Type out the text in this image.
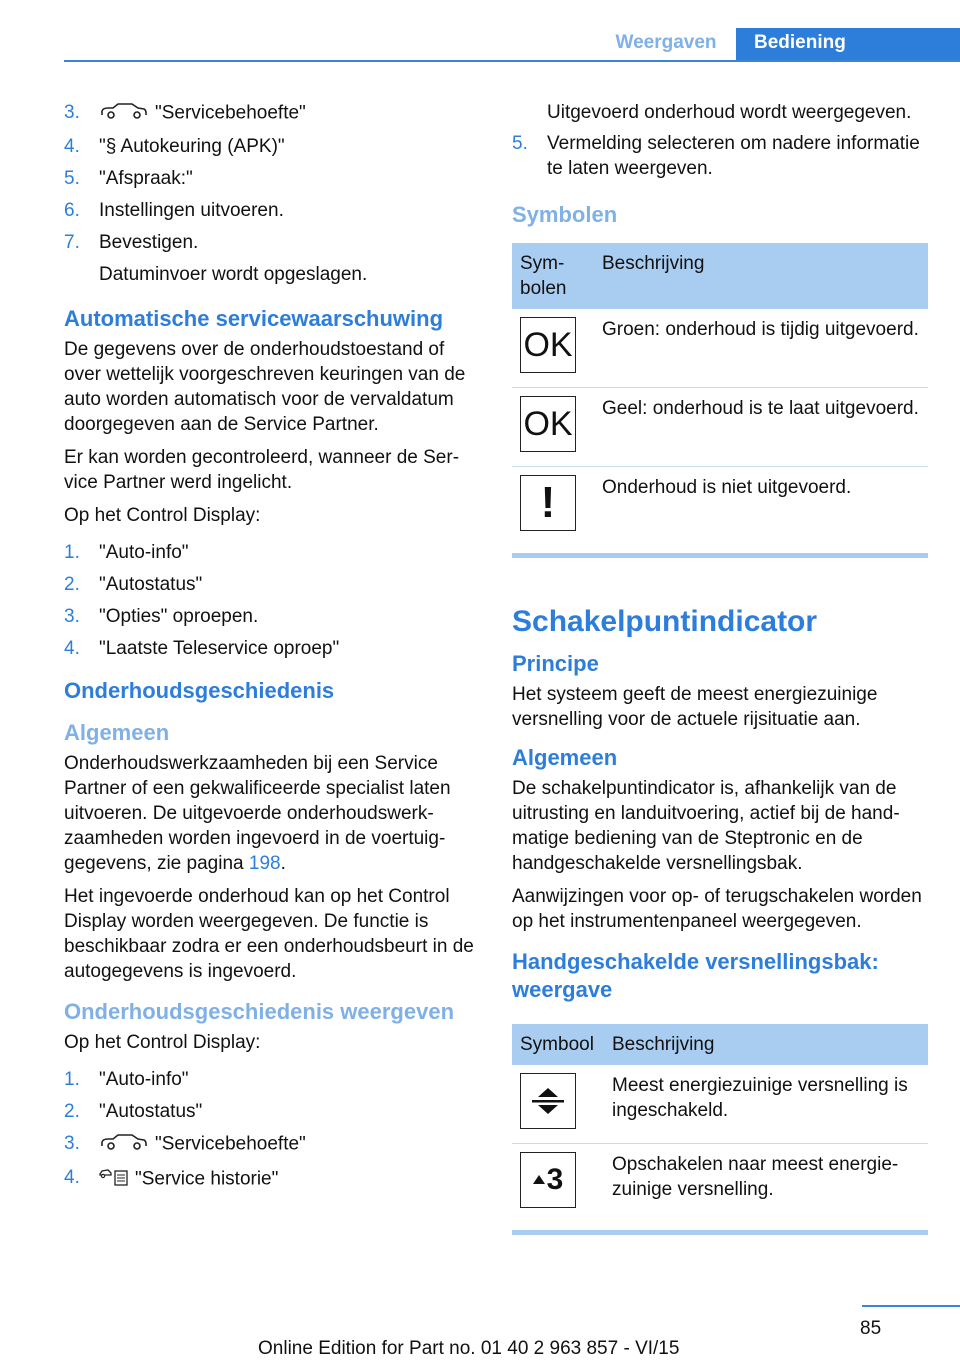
Weergaven	Bediening
3.	"Servicebehoefte"
4. "§ Autokeuring (APK)"
5. "Afspraak:"
6. Instellingen uitvoeren.
7. Bevestigen.
Datuminvoer wordt opgeslagen.
Automatische servicewaarschuwing

De gegevens over de onderhoudstoestand of over wettelijk voorgeschreven keuringen van de auto worden automatisch voor de vervaldatum doorgegeven aan de Service Partner.

Er kan worden gecontroleerd, wanneer de Service Partner werd ingelicht.

Op het Control Display:

1. "Auto-info"
2. "Autostatus"
3. "Opties" oproepen.
4. "Laatste Teleservice oproep"
Onderhoudsgeschiedenis
Algemeen

Onderhoudswerkzaamheden bij een Service Partner of een gekwalificeerde specialist laten uitvoeren. De uitgevoerde onderhoudswerkzaamheden worden ingevoerd in de voertuiggegevens, zie pagina 198.

Het ingevoerde onderhoud kan op het Control Display worden weergegeven. De functie is beschikbaar zodra er een onderhoudsbeurt in de autogegevens is ingevoerd.

Onderhoudsgeschiedenis weergeven

Op het Control Display:

1. "Auto-info"
2. "Autostatus"
3.	"Servicebehoefte"
4.	"Service historie"
Uitgevoerd onderhoud wordt weergegeven.
5. Vermelding selecteren om nadere informatie te laten weergeven.
Symbolen
Symbolen	Beschrijving

OK	Groen: onderhoud is tijdig uitgevoerd.

OK	Geel: onderhoud is te laat uitgevoerd.

!	Onderhoud is niet uitgevoerd.
Schakelpuntindicator
Principe

Het systeem geeft de meest energiezuinige versnelling voor de actuele rijsituatie aan.

Algemeen

De schakelpuntindicator is, afhankelijk van de uitrusting en landuitvoering, actief bij de handmatige bediening van de Steptronic en de handgeschakelde versnellingsbak.

Aanwijzingen voor op- of terugschakelen worden op het instrumentenpaneel weergegeven.

Handgeschakelde versnellingsbak: weergave
Symbool	Beschrijving

	Meest energiezuinige versnelling is ingeschakeld.

3	Opschakelen naar meest energiezuinige versnelling.
85
Online Edition for Part no. 01 40 2 963 857 - VI/15
